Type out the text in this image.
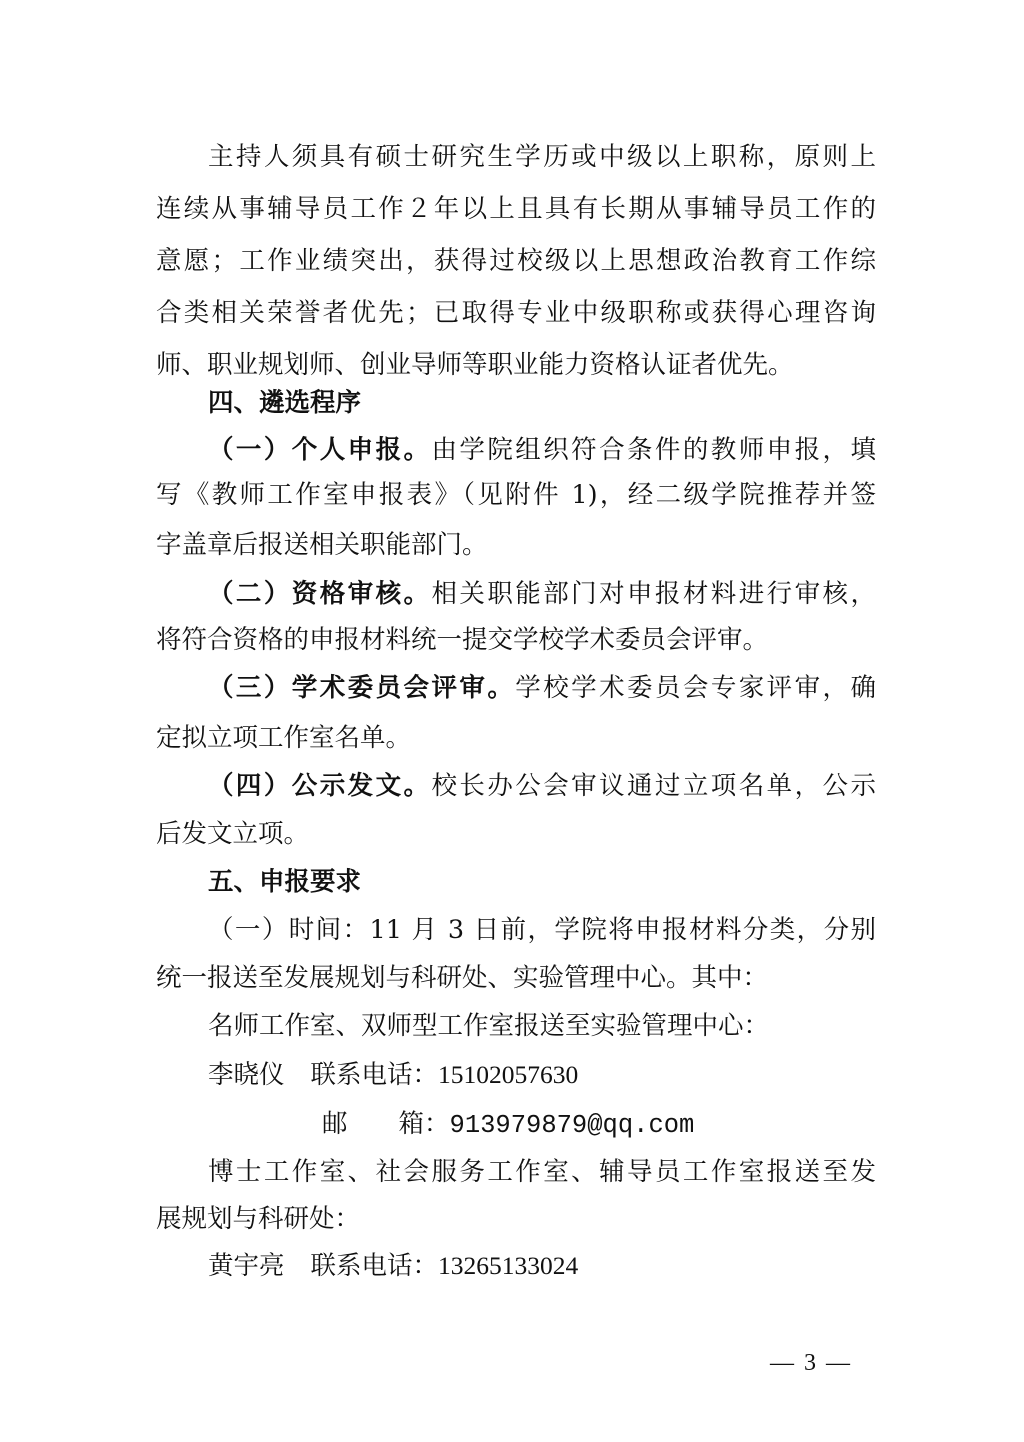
主持人须具有硕士研究生学历或中级以上职称，原则上
连续从事辅导员工作２年以上且具有长期从事辅导员工作的
意愿；工作业绩突出，获得过校级以上思想政治教育工作综
合类相关荣誉者优先；已取得专业中级职称或获得心理咨询
师、职业规划师、创业导师等职业能力资格认证者优先。
四、遴选程序
（一）个人申报。由学院组织符合条件的教师申报，填
写《教师工作室申报表》（见附件 1)，经二级学院推荐并签
字盖章后报送相关职能部门。
（二）资格审核。相关职能部门对申报材料进行审核，
将符合资格的申报材料统一提交学校学术委员会评审。
（三）学术委员会评审。学校学术委员会专家评审，确
定拟立项工作室名单。
（四）公示发文。校长办公会审议通过立项名单，公示
后发文立项。
五、申报要求
（一）时间：11 月 3 日前，学院将申报材料分类，分别
统一报送至发展规划与科研处、实验管理中心。其中：
名师工作室、双师型工作室报送至实验管理中心：
李晓仪 联系电话：15102057630
邮　　箱：913979879@qq.com
博士工作室、社会服务工作室、辅导员工作室报送至发
展规划与科研处：
黄宇亮 联系电话：13265133024
— 3 —
